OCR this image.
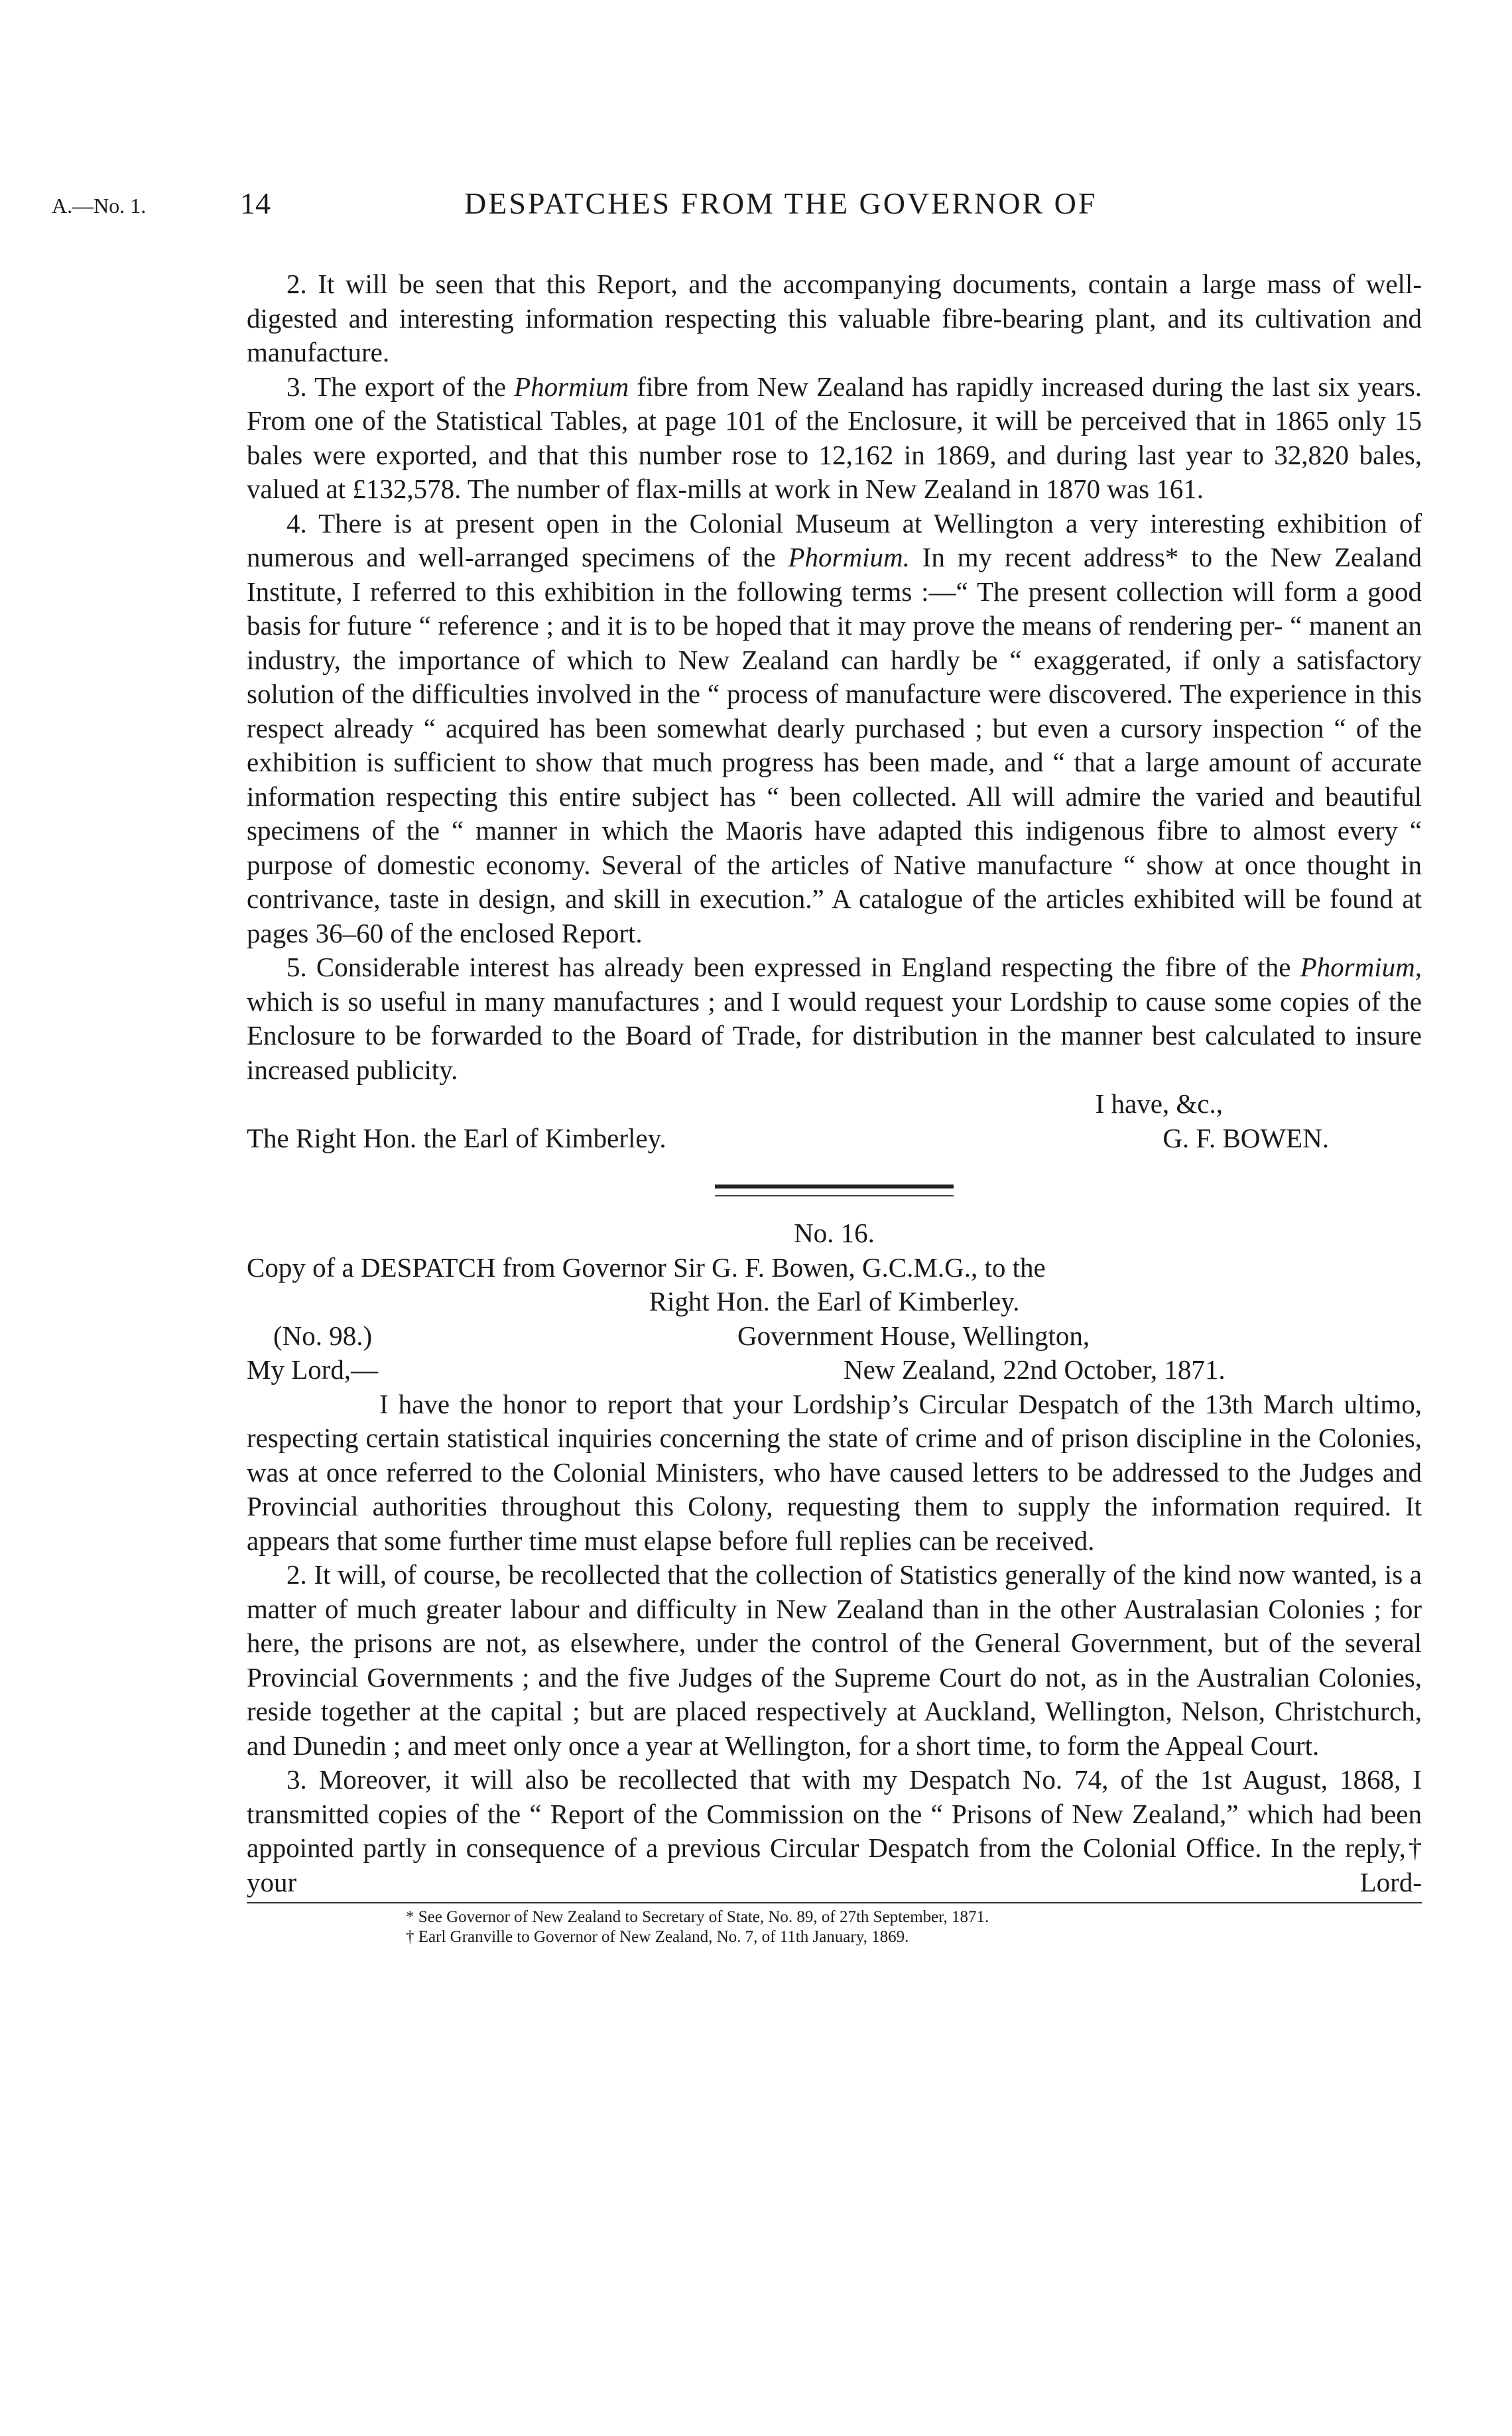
A.—No. 1.	14	DESPATCHES FROM THE GOVERNOR OF

2. It will be seen that this Report, and the accompanying documents, contain a large mass of well-digested and interesting information respecting this valuable fibre-bearing plant, and its cultivation and manufacture.

3. The export of the Phormium fibre from New Zealand has rapidly increased during the last six years. From one of the Statistical Tables, at page 101 of the Enclosure, it will be perceived that in 1865 only 15 bales were exported, and that this number rose to 12,162 in 1869, and during last year to 32,820 bales, valued at £132,578. The number of flax-mills at work in New Zealand in 1870 was 161.

4. There is at present open in the Colonial Museum at Wellington a very interesting exhibition of numerous and well-arranged specimens of the Phormium. In my recent address* to the New Zealand Institute, I referred to this exhibition in the following terms :—“ The present collection will form a good basis for future “ reference ; and it is to be hoped that it may prove the means of rendering per- “ manent an industry, the importance of which to New Zealand can hardly be “ exaggerated, if only a satisfactory solution of the difficulties involved in the “ process of manufacture were discovered. The experience in this respect already “ acquired has been somewhat dearly purchased ; but even a cursory inspection “ of the exhibition is sufficient to show that much progress has been made, and “ that a large amount of accurate information respecting this entire subject has “ been collected. All will admire the varied and beautiful specimens of the “ manner in which the Maoris have adapted this indigenous fibre to almost every “ purpose of domestic economy. Several of the articles of Native manufacture “ show at once thought in contrivance, taste in design, and skill in execution.” A catalogue of the articles exhibited will be found at pages 36–60 of the enclosed Report.

5. Considerable interest has already been expressed in England respecting the fibre of the Phormium, which is so useful in many manufactures ; and I would request your Lordship to cause some copies of the Enclosure to be forwarded to the Board of Trade, for distribution in the manner best calculated to insure increased publicity.

I have, &c.,
The Right Hon. the Earl of Kimberley.	G. F. BOWEN.
No. 16.

Copy of a DESPATCH from Governor Sir G. F. Bowen, G.C.M.G., to the

Right Hon. the Earl of Kimberley.
(No. 98.)	Government House, Wellington,
My Lord,—	New Zealand, 22nd October, 1871.

I have the honor to report that your Lordship’s Circular Despatch of the 13th March ultimo, respecting certain statistical inquiries concerning the state of crime and of prison discipline in the Colonies, was at once referred to the Colonial Ministers, who have caused letters to be addressed to the Judges and Provincial authorities throughout this Colony, requesting them to supply the information required. It appears that some further time must elapse before full replies can be received.

2. It will, of course, be recollected that the collection of Statistics generally of the kind now wanted, is a matter of much greater labour and difficulty in New Zealand than in the other Australasian Colonies ; for here, the prisons are not, as elsewhere, under the control of the General Government, but of the several Provincial Governments ; and the five Judges of the Supreme Court do not, as in the Australian Colonies, reside together at the capital ; but are placed respectively at Auckland, Wellington, Nelson, Christchurch, and Dunedin ; and meet only once a year at Wellington, for a short time, to form the Appeal Court.

3. Moreover, it will also be recollected that with my Despatch No. 74, of the 1st August, 1868, I transmitted copies of the “ Report of the Commission on the “ Prisons of New Zealand,” which had been appointed partly in consequence of a previous Circular Despatch from the Colonial Office. In the reply,† your Lord-

* See Governor of New Zealand to Secretary of State, No. 89, of 27th September, 1871.
† Earl Granville to Governor of New Zealand, No. 7, of 11th January, 1869.
